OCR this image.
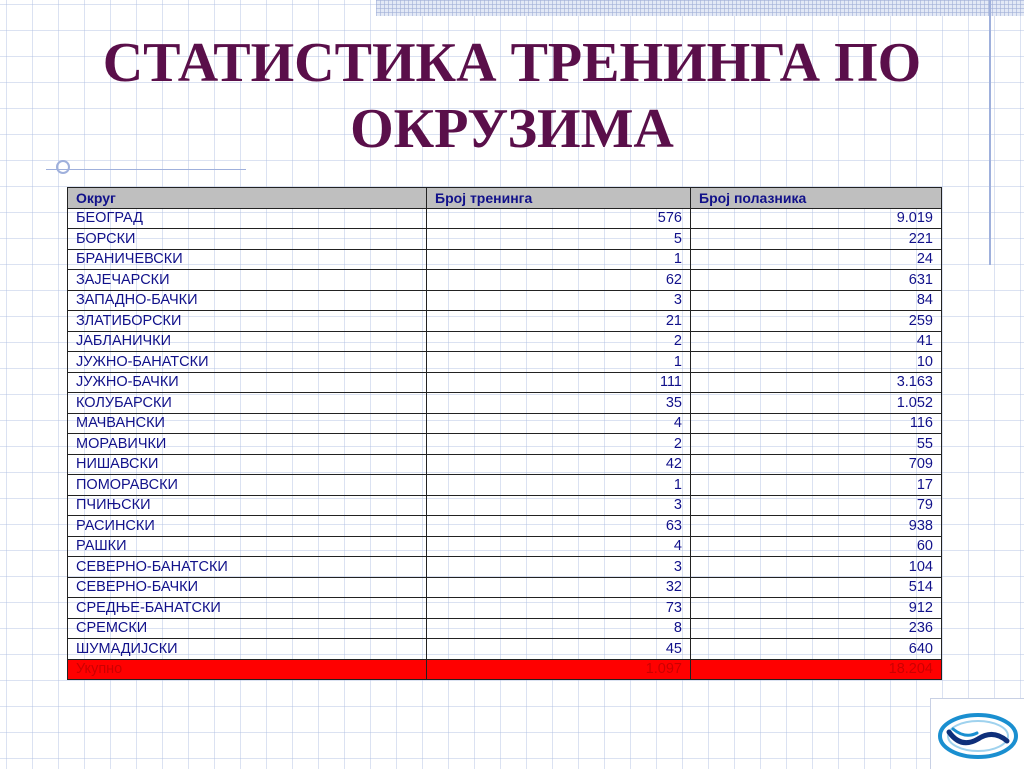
СТАТИСТИКА ТРЕНИНГА ПО ОКРУЗИМА
Округ	Број тренинга	Број полазника
БЕОГРАД	576	9.019
БОРСКИ	5	221
БРАНИЧЕВСКИ	1	24
ЗАЈЕЧАРСКИ	62	631
ЗАПАДНО-БАЧКИ	3	84
ЗЛАТИБОРСКИ	21	259
ЈАБЛАНИЧКИ	2	41
ЈУЖНО-БАНАТСКИ	1	10
ЈУЖНО-БАЧКИ	111	3.163
КОЛУБАРСКИ	35	1.052
МАЧВАНСКИ	4	116
МОРАВИЧКИ	2	55
НИШАВСКИ	42	709
ПОМОРАВСКИ	1	17
ПЧИЊСКИ	3	79
РАСИНСКИ	63	938
РАШКИ	4	60
СЕВЕРНО-БАНАТСКИ	3	104
СЕВЕРНО-БАЧКИ	32	514
СРЕДЊЕ-БАНАТСКИ	73	912
СРЕМСКИ	8	236
ШУМАДИЈСКИ	45	640
Укупно	1.097	18.204
